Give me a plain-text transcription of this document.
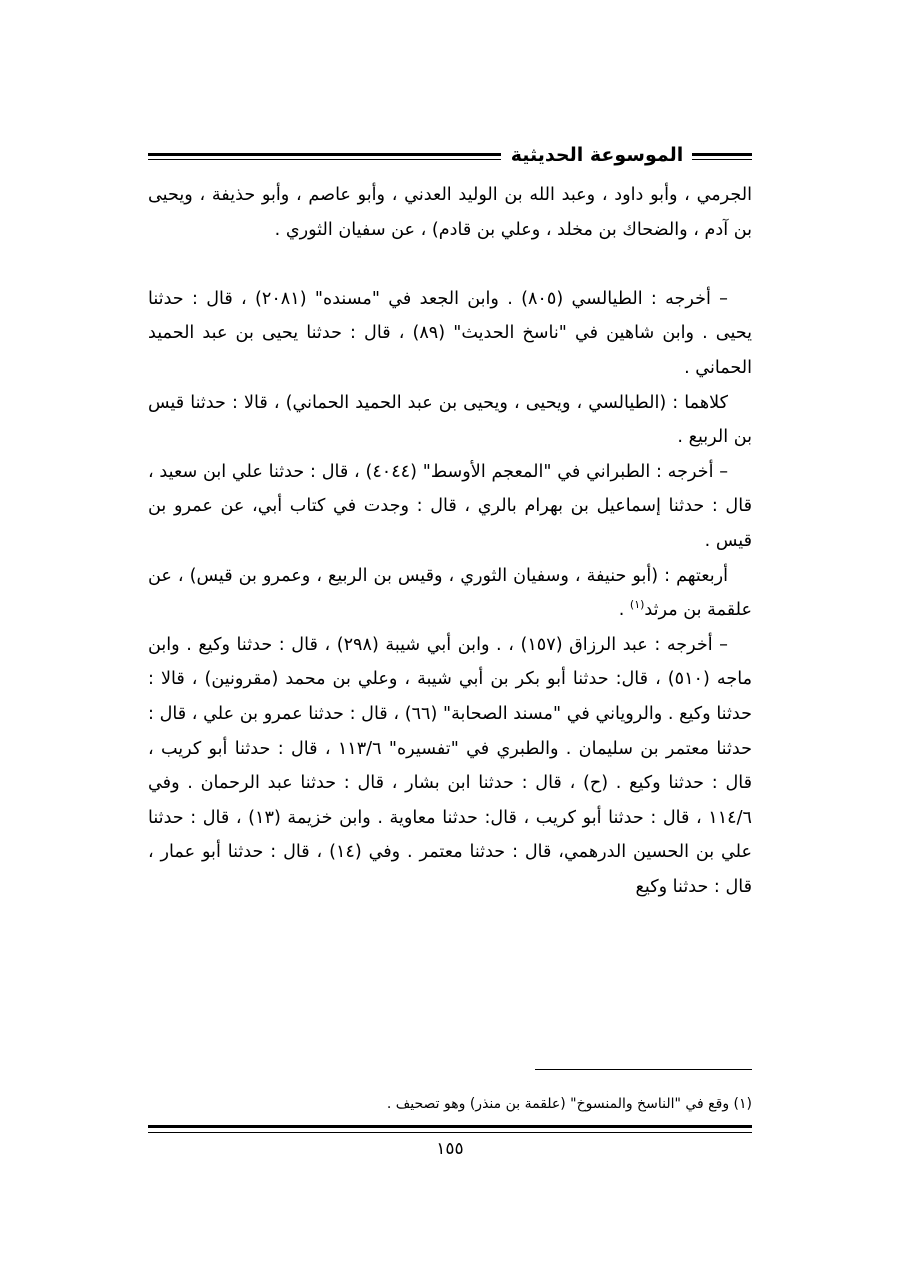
الموسوعة الحديثية

الجرمي ، وأبو داود ، وعبد الله بن الوليد العدني ، وأبو عاصم ، وأبو حذيفة ، ويحيى بن آدم ، والضحاك بن مخلد ، وعلي بن قادم) ، عن سفيان الثوري .

– أخرجه : الطيالسي (٨٠٥) . وابن الجعد في "مسنده" (٢٠٨١) ، قال : حدثنا يحيى . وابن شاهين في "ناسخ الحديث" (٨٩) ، قال : حدثنا يحيى بن عبد الحميد الحماني .

كلاهما : (الطيالسي ، ويحيى ، ويحيى بن عبد الحميد الحماني) ، قالا : حدثنا قيس بن الربيع .

– أخرجه : الطبراني في "المعجم الأوسط" (٤٠٤٤) ، قال : حدثنا علي ابن سعيد ، قال : حدثنا إسماعيل بن بهرام بالري ، قال : وجدت في كتاب أبي، عن عمرو بن قيس .

أربعتهم : (أبو حنيفة ، وسفيان الثوري ، وقيس بن الربيع ، وعمرو بن قيس) ، عن علقمة بن مرثد$^{(١)}$ .

– أخرجه : عبد الرزاق (١٥٧) ، . وابن أبي شيبة (٢٩٨) ، قال : حدثنا وكيع . وابن ماجه (٥١٠) ، قال: حدثنا أبو بكر بن أبي شيبة ، وعلي بن محمد (مقرونين) ، قالا : حدثنا وكيع . والروياني في "مسند الصحابة" (٦٦) ، قال : حدثنا عمرو بن علي ، قال : حدثنا معتمر بن سليمان . والطبري في "تفسيره" ١١٣/٦ ، قال : حدثنا أبو كريب ، قال : حدثنا وكيع . (ح) ، قال : حدثنا ابن بشار ، قال : حدثنا عبد الرحمان . وفي ١١٤/٦ ، قال : حدثنا أبو كريب ، قال: حدثنا معاوية . وابن خزيمة (١٣) ، قال : حدثنا علي بن الحسين الدرهمي، قال : حدثنا معتمر . وفي (١٤) ، قال : حدثنا أبو عمار ، قال : حدثنا وكيع

(١) وقع في "الناسخ والمنسوخ" (علقمة بن منذر) وهو تصحيف .
١٥٥
